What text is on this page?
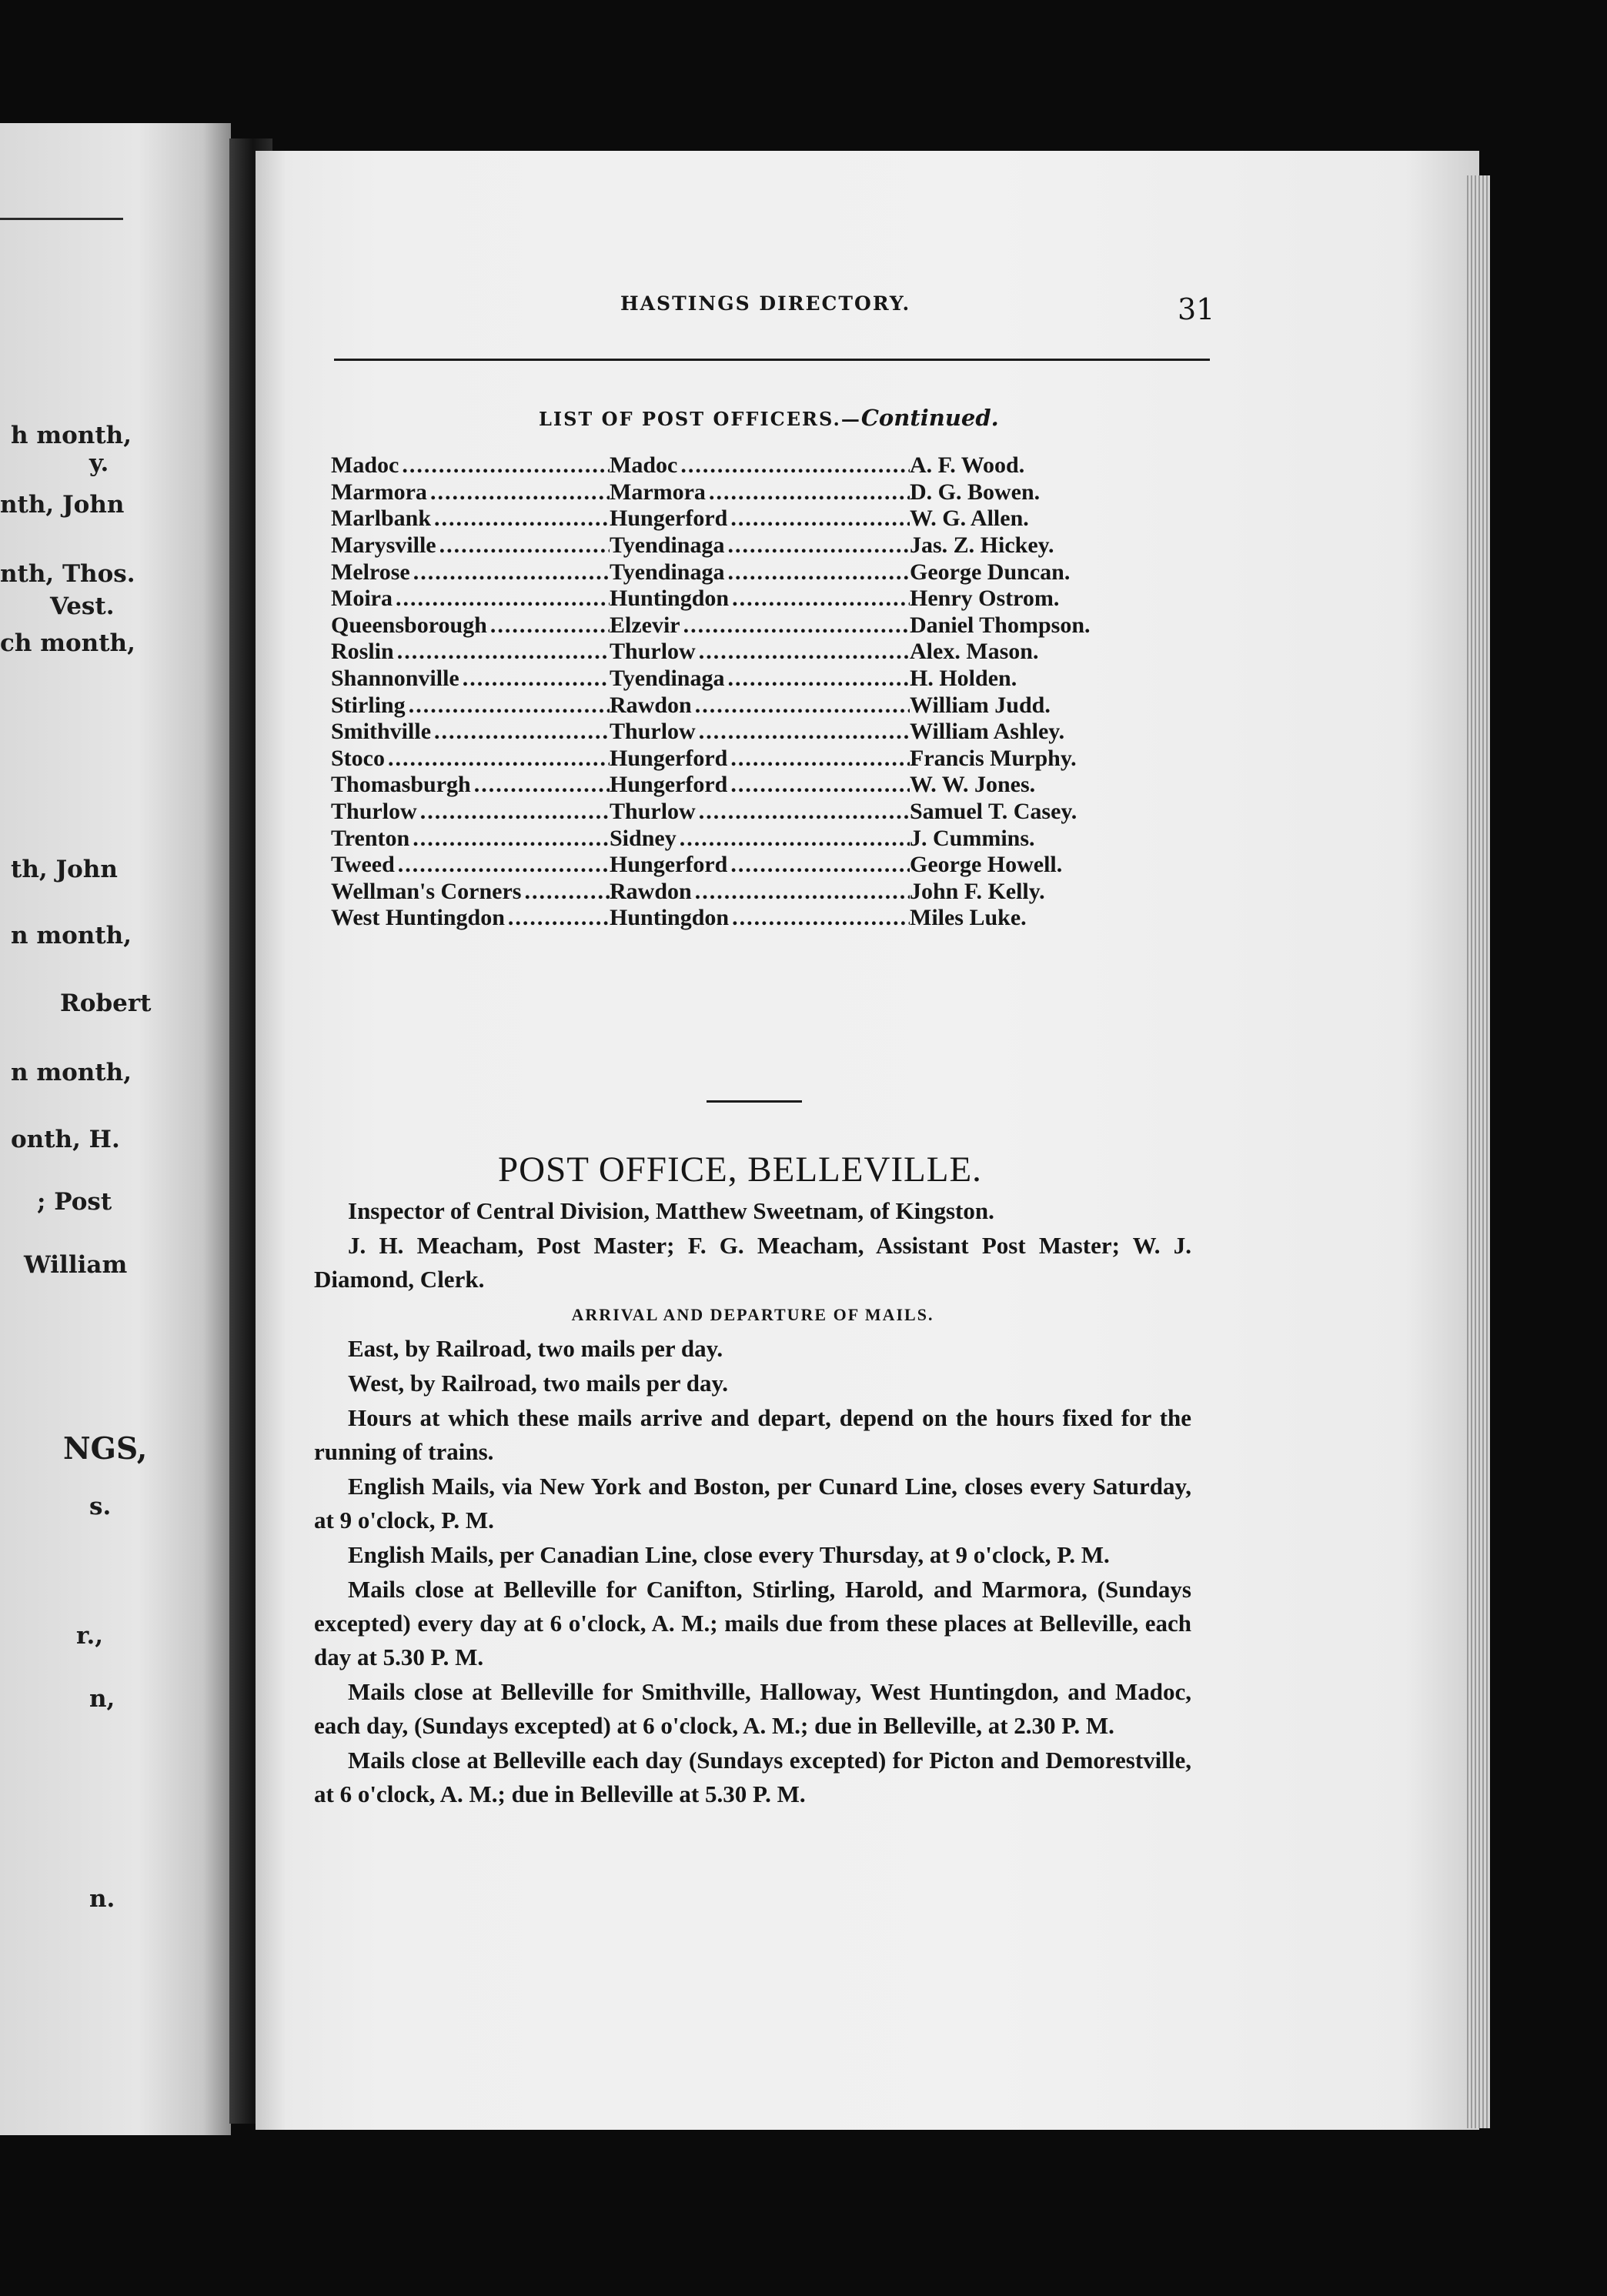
h month,
y.
nth, John
nth, Thos.
Vest.
ch month,
th, John
n month,
Robert
n month,
onth, H.
; Post
William
NGS,
s.
r.,
n,
n.
HASTINGS DIRECTORY.	31
LIST OF POST OFFICERS.—Continued.
Madoc .....	Madoc .....	A. F. Wood.
Marmora .....	Marmora .....	D. G. Bowen.
Marlbank .....	Hungerford .....	W. G. Allen.
Marysville .....	Tyendinaga .....	Jas. Z. Hickey.
Melrose .....	Tyendinaga .....	George Duncan.
Moira .....	Huntingdon .....	Henry Ostrom.
Queensborough .....	Elzevir .....	Daniel Thompson.
Roslin .....	Thurlow .....	Alex. Mason.
Shannonville .....	Tyendinaga .....	H. Holden.
Stirling .....	Rawdon .....	William Judd.
Smithville .....	Thurlow .....	William Ashley.
Stoco .....	Hungerford .....	Francis Murphy.
Thomasburgh .....	Hungerford .....	W. W. Jones.
Thurlow .....	Thurlow .....	Samuel T. Casey.
Trenton .....	Sidney .....	J. Cummins.
Tweed .....	Hungerford .....	George Howell.
Wellman's Corners .....	Rawdon .....	John F. Kelly.
West Huntingdon .....	Huntingdon .....	Miles Luke.
POST OFFICE, BELLEVILLE.

Inspector of Central Division, Matthew Sweetnam, of Kingston.

J. H. Meacham, Post Master; F. G. Meacham, Assistant Post Master; W. J. Diamond, Clerk.

ARRIVAL AND DEPARTURE OF MAILS.

East, by Railroad, two mails per day.

West, by Railroad, two mails per day.

Hours at which these mails arrive and depart, depend on the hours fixed for the running of trains.

English Mails, via New York and Boston, per Cunard Line, closes every Saturday, at 9 o'clock, P. M.

English Mails, per Canadian Line, close every Thursday, at 9 o'clock, P. M.

Mails close at Belleville for Canifton, Stirling, Harold, and Marmora, (Sundays excepted) every day at 6 o'clock, A. M.; mails due from these places at Belleville, each day at 5.30 P. M.

Mails close at Belleville for Smithville, Halloway, West Huntingdon, and Madoc, each day, (Sundays excepted) at 6 o'clock, A. M.; due in Belleville, at 2.30 P. M.

Mails close at Belleville each day (Sundays excepted) for Picton and Demorestville, at 6 o'clock, A. M.; due in Belleville at 5.30 P. M.
